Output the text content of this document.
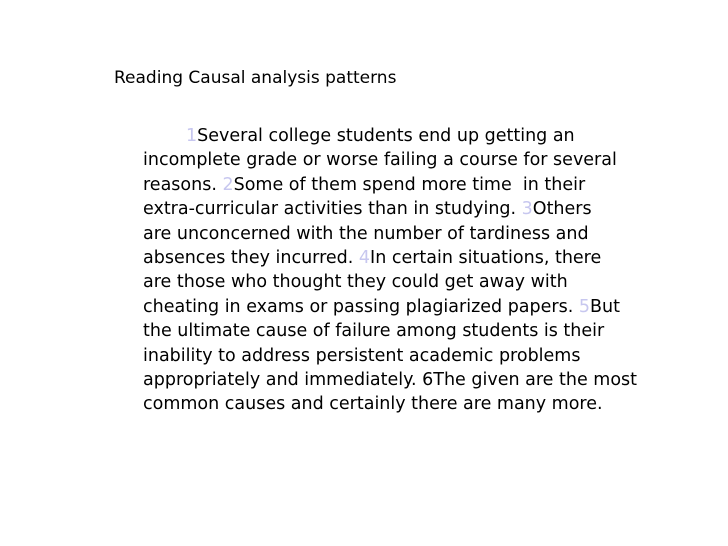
Reading Causal analysis patterns
1Several college students end up getting an
incomplete grade or worse failing a course for several
reasons. 2Some of them spend more time  in their
extra-curricular activities than in studying. 3Others
are unconcerned with the number of tardiness and
absences they incurred. 4In certain situations, there
are those who thought they could get away with
cheating in exams or passing plagiarized papers. 5But
the ultimate cause of failure among students is their
inability to address persistent academic problems
appropriately and immediately. 6The given are the most
common causes and certainly there are many more.
